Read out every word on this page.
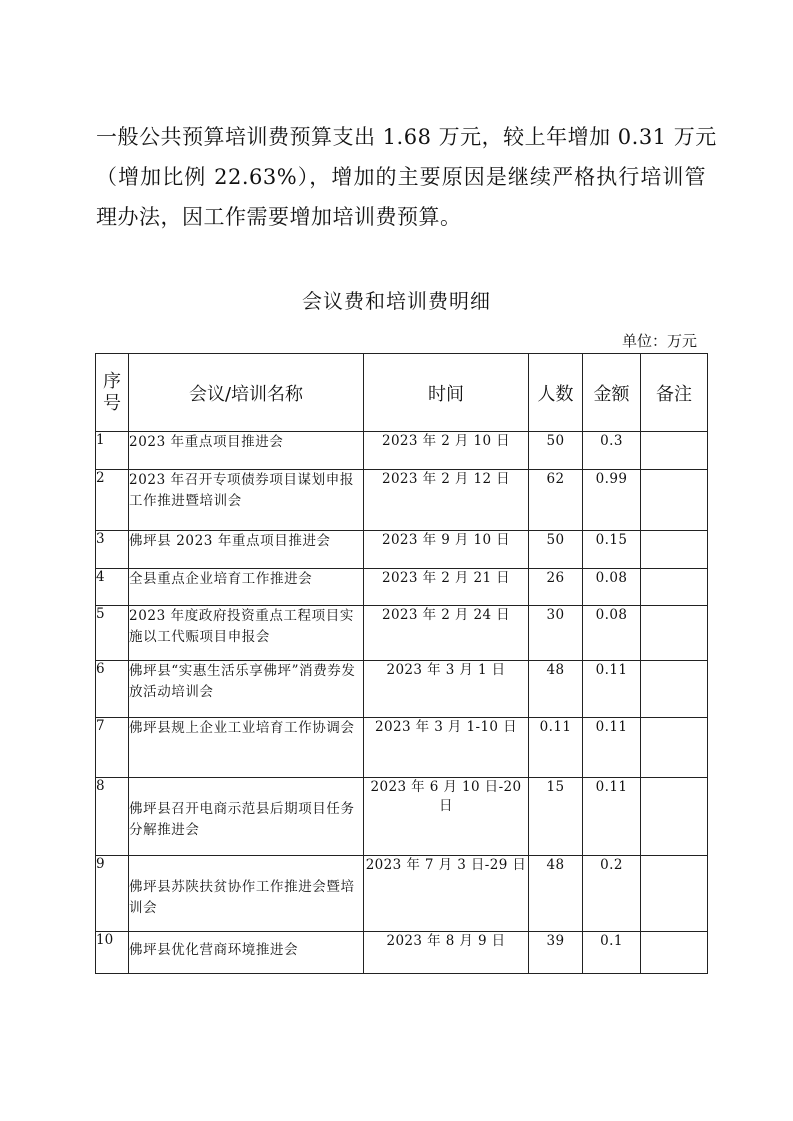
一般公共预算培训费预算支出 1.68 万元，较上年增加 0.31 万元
（增加比例 22.63%），增加的主要原因是继续严格执行培训管
理办法，因工作需要增加培训费预算。
会议费和培训费明细
单位：万元
序
号	会议/培训名称	时间	人数	金额	备注
1	2023 年重点项目推进会	2023 年 2 月 10 日	50	0.3	
2	2023 年召开专项债券项目谋划申报工作推进暨培训会	2023 年 2 月 12 日	62	0.99	
3	佛坪县 2023 年重点项目推进会	2023 年 9 月 10 日	50	0.15	
4	全县重点企业培育工作推进会	2023 年 2 月 21 日	26	0.08	
5	2023 年度政府投资重点工程项目实施以工代赈项目申报会	2023 年 2 月 24 日	30	0.08	
6	佛坪县“实惠生活乐享佛坪”消费券发放活动培训会	2023 年 3 月 1 日	48	0.11	
7	佛坪县规上企业工业培育工作协调会	2023 年 3 月 1-10 日	0.11	0.11	
8	佛坪县召开电商示范县后期项目任务分解推进会	2023 年 6 月 10 日-20 日	15	0.11	
9	佛坪县苏陕扶贫协作工作推进会暨培训会	2023 年 7 月 3 日-29 日	48	0.2	
10	佛坪县优化营商环境推进会	2023 年 8 月 9 日	39	0.1	
